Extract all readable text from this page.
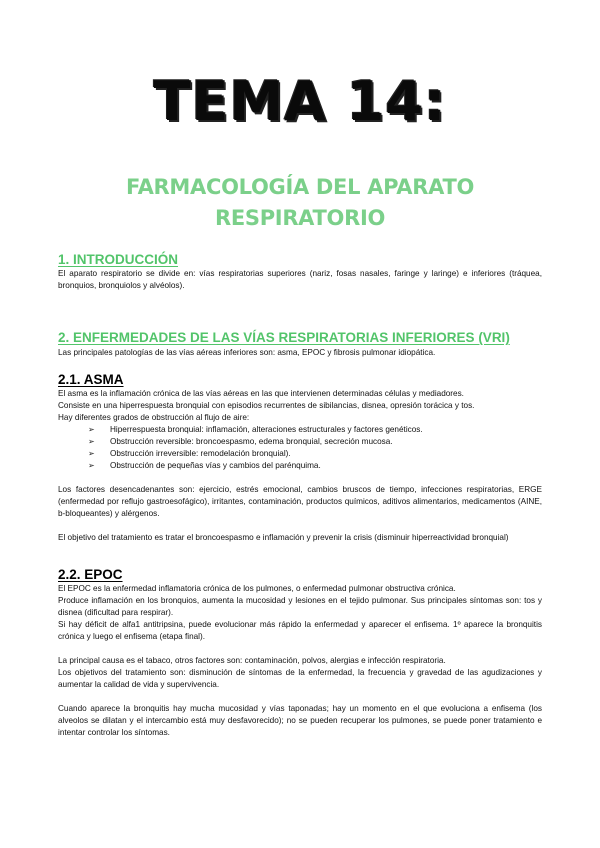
TEMA 14:
FARMACOLOGÍA DEL APARATO
RESPIRATORIO
1. INTRODUCCIÓN
El aparato respiratorio se divide en: vías respiratorias superiores (nariz, fosas nasales, faringe y laringe) e inferiores (tráquea, bronquios, bronquiolos y alvéolos).
2. ENFERMEDADES DE LAS VÍAS RESPIRATORIAS INFERIORES (VRI)
Las principales patologías de las vías aéreas inferiores son: asma, EPOC y fibrosis pulmonar idiopática.
2.1. ASMA
El asma es la inflamación crónica de las vías aéreas en las que intervienen determinadas células y mediadores.
Consiste en una hiperrespuesta bronquial con episodios recurrentes de sibilancias, disnea, opresión torácica y tos.
Hay diferentes grados de obstrucción al flujo de aire:
➢ Hiperrespuesta bronquial: inflamación, alteraciones estructurales y factores genéticos.
➢ Obstrucción reversible: broncoespasmo, edema bronquial, secreción mucosa.
➢ Obstrucción irreversible: remodelación bronquial).
➢ Obstrucción de pequeñas vías y cambios del parénquima.
Los factores desencadenantes son: ejercicio, estrés emocional, cambios bruscos de tiempo, infecciones respiratorias, ERGE (enfermedad por reflujo gastroesofágico), irritantes, contaminación, productos químicos, aditivos alimentarios, medicamentos (AINE, b-bloqueantes) y alérgenos.
El objetivo del tratamiento es tratar el broncoespasmo e inflamación y prevenir la crisis (disminuir hiperreactividad bronquial)
2.2. EPOC
El EPOC es la enfermedad inflamatoria crónica de los pulmones, o enfermedad pulmonar obstructiva crónica.
Produce inflamación en los bronquios, aumenta la mucosidad y lesiones en el tejido pulmonar. Sus principales síntomas son: tos y disnea (dificultad para respirar).
Si hay déficit de alfa1 antitripsina, puede evolucionar más rápido la enfermedad y aparecer el enfisema. 1º aparece la bronquitis crónica y luego el enfisema (etapa final).
La principal causa es el tabaco, otros factores son: contaminación, polvos, alergias e infección respiratoria.
Los objetivos del tratamiento son: disminución de síntomas de la enfermedad, la frecuencia y gravedad de las agudizaciones y aumentar la calidad de vida y supervivencia.
Cuando aparece la bronquitis hay mucha mucosidad y vías taponadas; hay un momento en el que evoluciona a enfisema (los alveolos se dilatan y el intercambio está muy desfavorecido); no se pueden recuperar los pulmones, se puede poner tratamiento e intentar controlar los síntomas.
